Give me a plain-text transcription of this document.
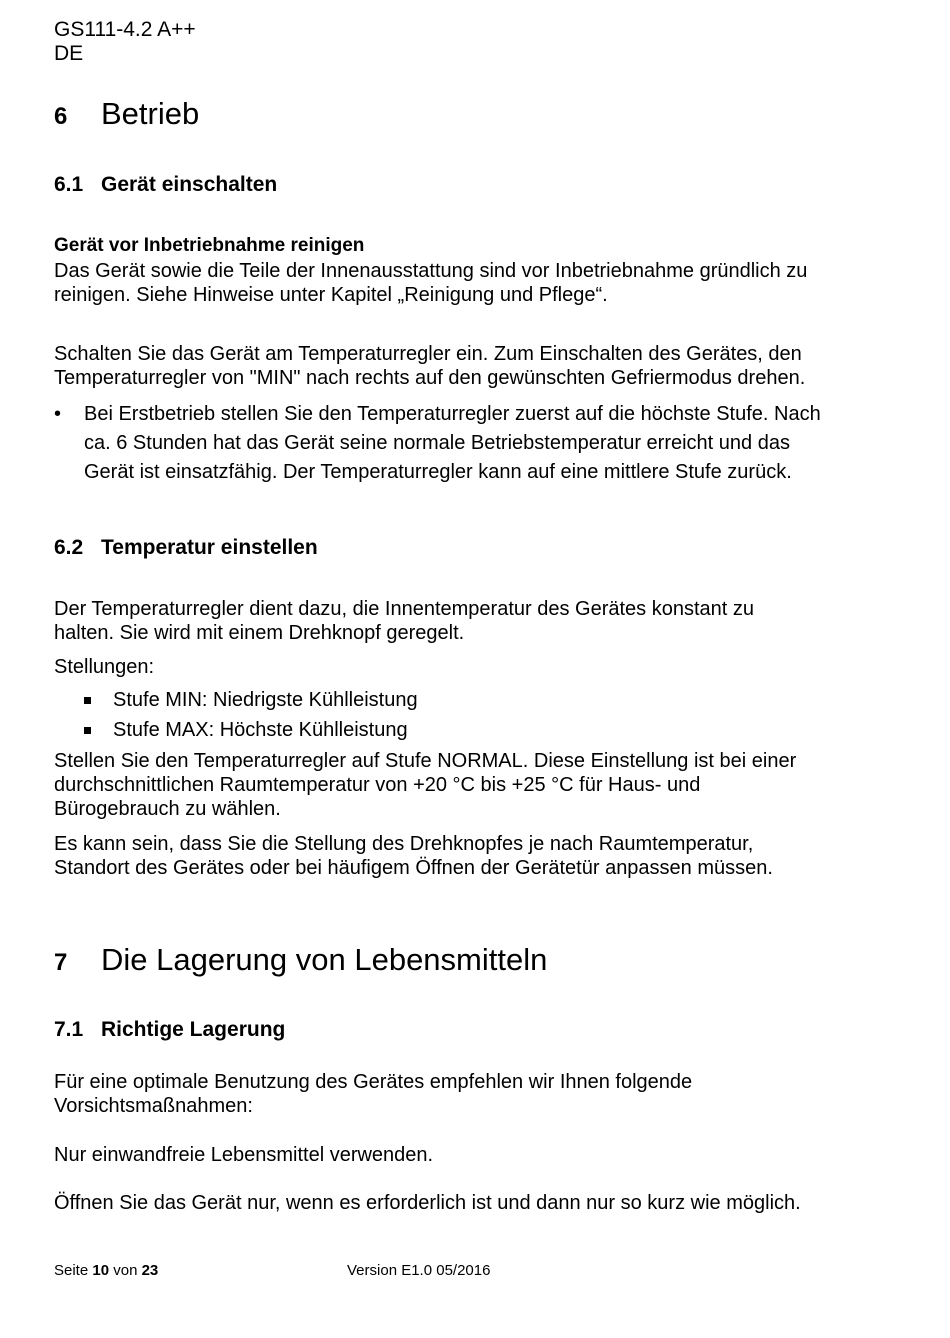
GS111-4.2 A++
DE
6	Betrieb
6.1 Gerät einschalten
Gerät vor Inbetriebnahme reinigen
Das Gerät sowie die Teile der Innenausstattung sind vor Inbetriebnahme gründlich zu
reinigen. Siehe Hinweise unter Kapitel „Reinigung und Pflege“.
Schalten Sie das Gerät am Temperaturregler ein. Zum Einschalten des Gerätes, den
Temperaturregler von "MIN" nach rechts auf den gewünschten Gefriermodus drehen.
•	Bei Erstbetrieb stellen Sie den Temperaturregler zuerst auf die höchste Stufe. Nach
ca. 6 Stunden hat das Gerät seine normale Betriebstemperatur erreicht und das
Gerät ist einsatzfähig. Der Temperaturregler kann auf eine mittlere Stufe zurück.
6.2 Temperatur einstellen
Der Temperaturregler dient dazu, die Innentemperatur des Gerätes konstant zu
halten. Sie wird mit einem Drehknopf geregelt.
Stellungen:
Stufe MIN: Niedrigste Kühlleistung
Stufe MAX: Höchste Kühlleistung
Stellen Sie den Temperaturregler auf Stufe NORMAL. Diese Einstellung ist bei einer
durchschnittlichen Raumtemperatur von +20 °C bis +25 °C für Haus- und
Bürogebrauch zu wählen.
Es kann sein, dass Sie die Stellung des Drehknopfes je nach Raumtemperatur,
Standort des Gerätes oder bei häufigem Öffnen der Gerätetür anpassen müssen.
7	Die Lagerung von Lebensmitteln
7.1 Richtige Lagerung
Für eine optimale Benutzung des Gerätes empfehlen wir Ihnen folgende
Vorsichtsmaßnahmen:
Nur einwandfreie Lebensmittel verwenden.
Öffnen Sie das Gerät nur, wenn es erforderlich ist und dann nur so kurz wie möglich.
Seite 10 von 23	Version E1.0 05/2016
